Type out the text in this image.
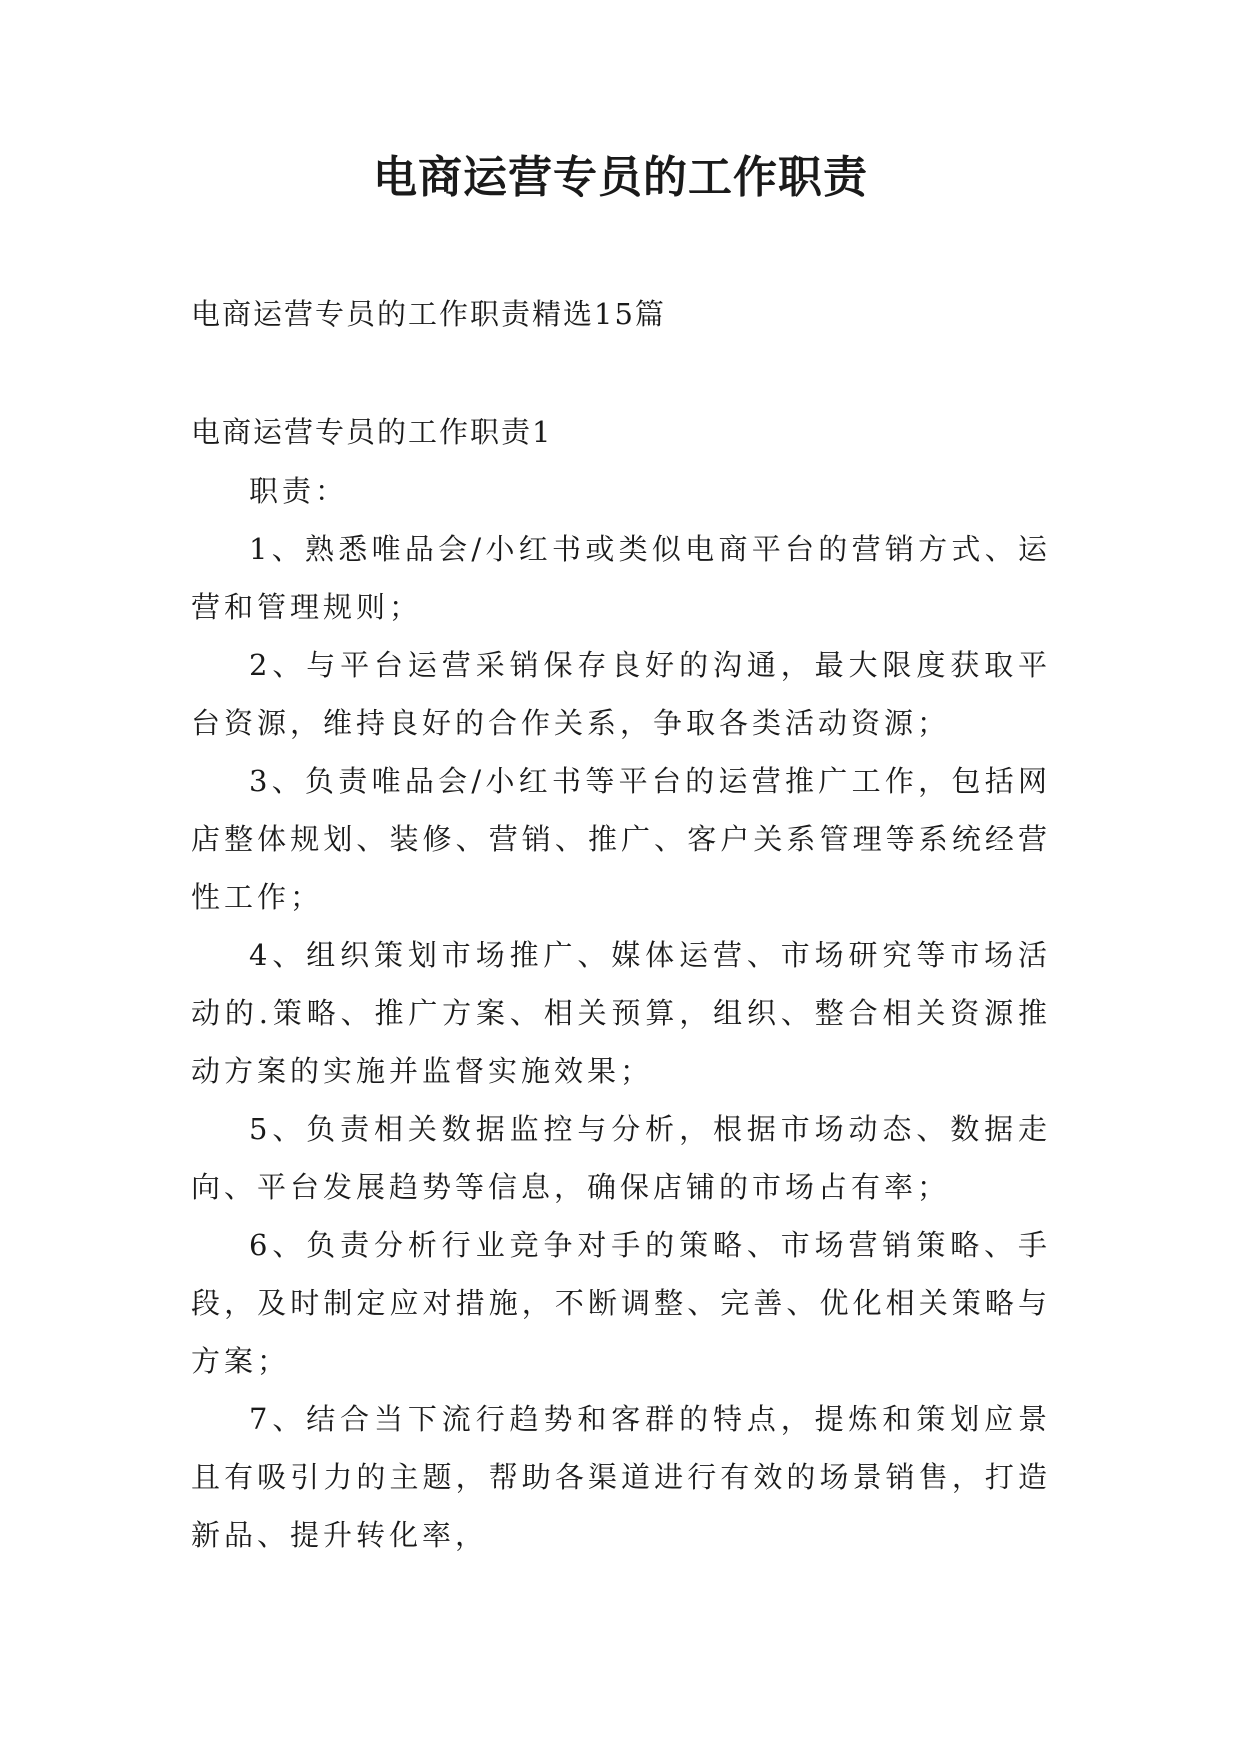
电商运营专员的工作职责
电商运营专员的工作职责精选15篇
电商运营专员的工作职责1

职责：

1、熟悉唯品会/小红书或类似电商平台的营销方式、运营和管理规则；

2、与平台运营采销保存良好的沟通，最大限度获取平台资源，维持良好的合作关系，争取各类活动资源；

3、负责唯品会/小红书等平台的运营推广工作，包括网店整体规划、装修、营销、推广、客户关系管理等系统经营性工作；

4、组织策划市场推广、媒体运营、市场研究等市场活动的.策略、推广方案、相关预算，组织、整合相关资源推动方案的实施并监督实施效果；

5、负责相关数据监控与分析，根据市场动态、数据走向、平台发展趋势等信息，确保店铺的市场占有率；

6、负责分析行业竞争对手的策略、市场营销策略、手段，及时制定应对措施，不断调整、完善、优化相关策略与方案；

7、结合当下流行趋势和客群的特点，提炼和策划应景且有吸引力的主题，帮助各渠道进行有效的场景销售，打造新品、提升转化率，
